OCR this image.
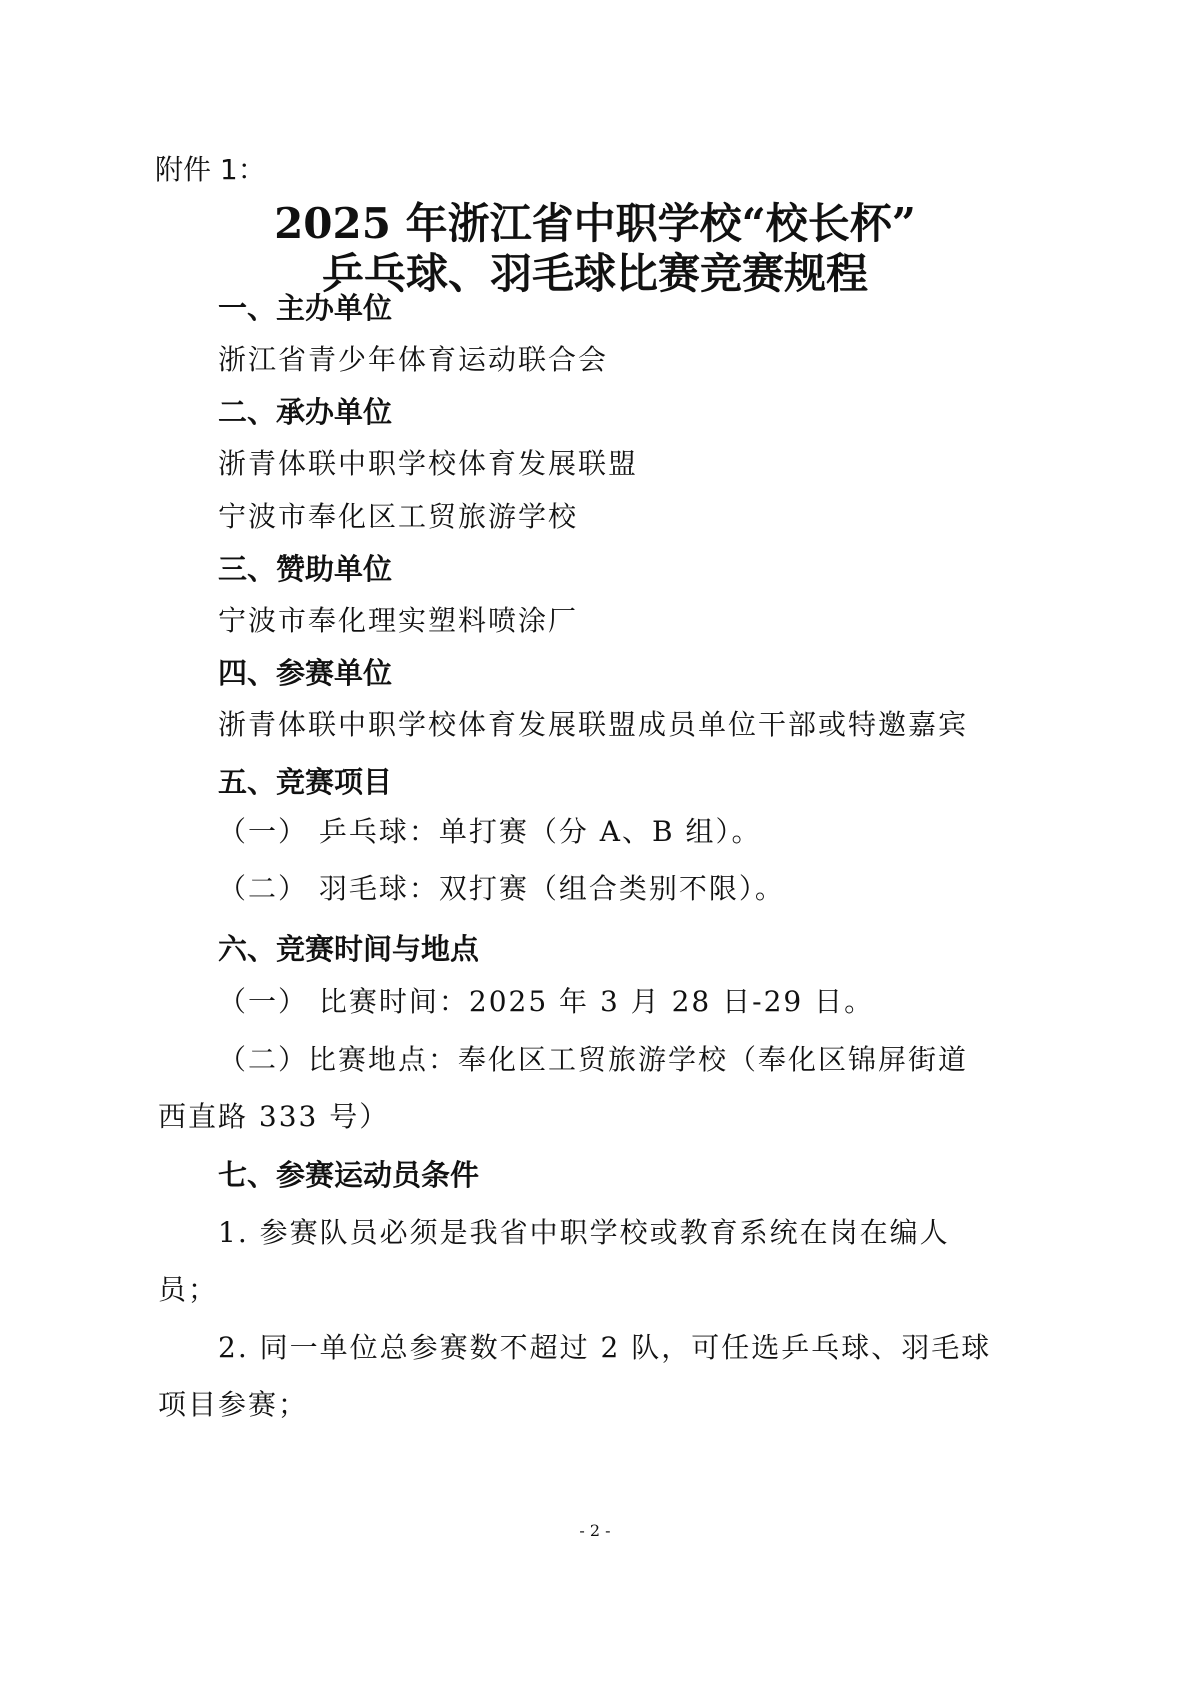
附件 1：
2025 年浙江省中职学校“校长杯”
乒乓球、羽毛球比赛竞赛规程
一、主办单位
浙江省青少年体育运动联合会
二、承办单位
浙青体联中职学校体育发展联盟
宁波市奉化区工贸旅游学校
三、赞助单位
宁波市奉化理实塑料喷涂厂
四、参赛单位
浙青体联中职学校体育发展联盟成员单位干部或特邀嘉宾
五、竞赛项目
（一） 乒乓球：单打赛（分 A、B 组）。
（二） 羽毛球：双打赛（组合类别不限）。
六、竞赛时间与地点
（一） 比赛时间：2025 年 3 月 28 日-29 日。
（二）比赛地点：奉化区工贸旅游学校（奉化区锦屏街道
西直路 333 号）
七、参赛运动员条件
1. 参赛队员必须是我省中职学校或教育系统在岗在编人
员；
2. 同一单位总参赛数不超过 2 队，可任选乒乓球、羽毛球
项目参赛；
- 2 -
